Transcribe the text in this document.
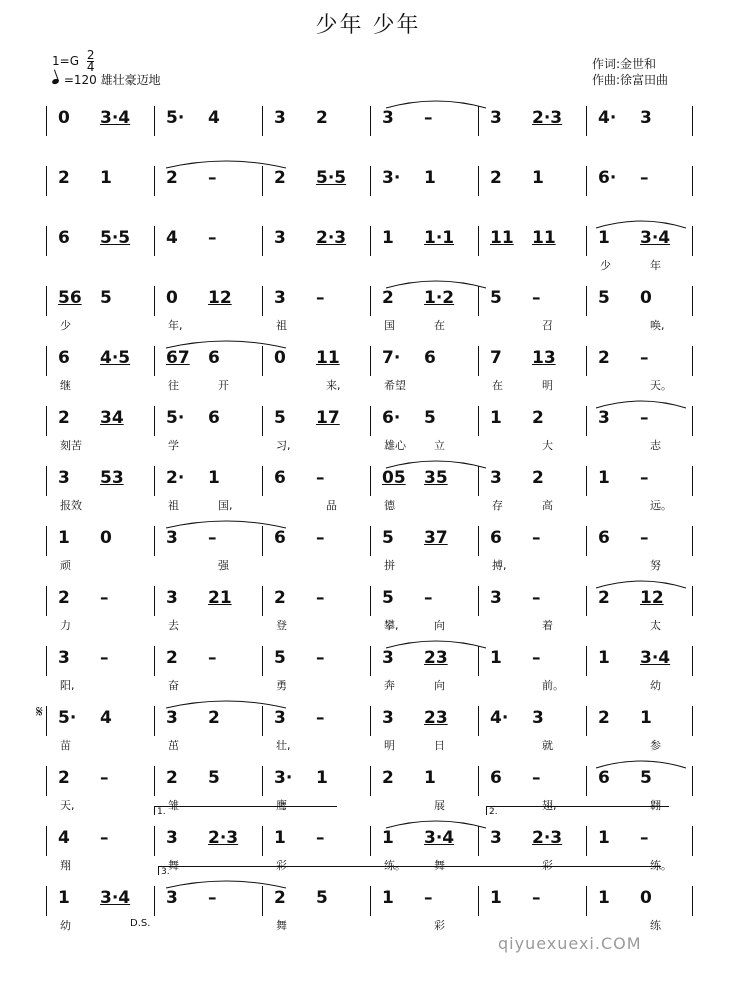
少年 少年
$1=G \frac{2}{4}$
=120 雄壮豪迈地
作词:金世和
作曲:徐富田曲
0 3·4 5· 4	3 2	3 –	3 2·3 4· 3
2 1	2 –	2 5·5 3· 1	2 1	6· –
6 5·5 4 –	3 2·3 1 1·1 11 11 1 3·4
少	年
56 5	0 12 3 –	2 1·2 5 –	5 0
少	年,	祖	国	在	召	唤,
6 4·5 67 6	0 11 7· 6	7 13 2 –
继	往	开	来,	希望	在	明	天。
2 34 5· 6	5 17 6· 5	1 2	3 –
刻苦	学	习,	雄心	立	大	志
3 53 2· 1	6 –	05 35 3 2	1 –
报效	祖	国,	品	德	存	高	远。
1 0	3 –	6 –	5 37 6 –	6 –
顽	强	拼	搏,	努
2 –	3 21 2 –	5 –	3 –	2 12
力	去	登	攀,	向	着	太
3 –	2 –	5 –	3 23 1 –	1 3·4
阳,	奋	勇	奔	向	前。	幼
5· 4	3 2	3 –	3 23 4· 3	2 1
苗	茁	壮,	明	日	就	参
𝄋
2 –	2 5	3· 1	2 1	6 –	6 5
天,	雏	鹰	展	翅,	翱
4 –	3 2·3 1 –	1 3·4 3 2·3 1 –
翔	舞	彩	练。	舞	彩	练。
1.	2.
1 3·4 3 –	2 5	1 –	1 –	1 0
幼	舞	彩	练
3.
D.S.
qiyuexuexi.COM
